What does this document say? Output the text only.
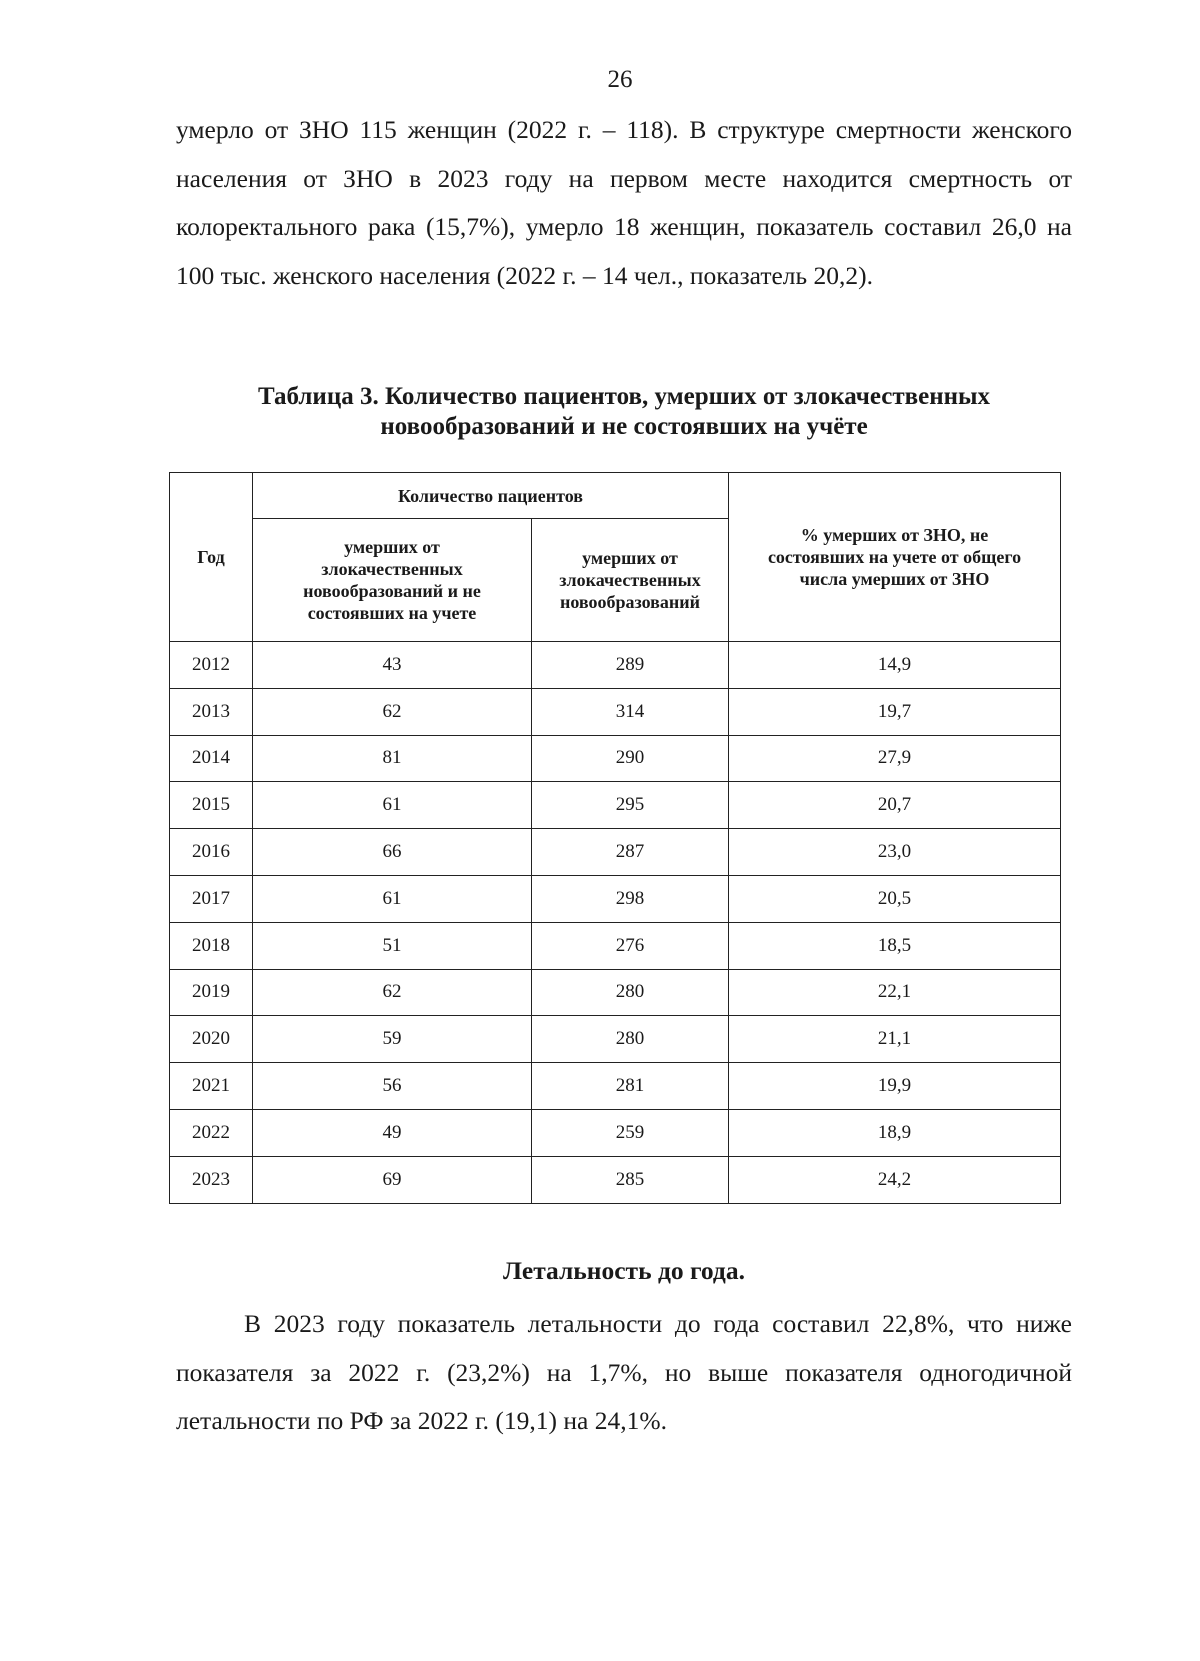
26

умерло от ЗНО 115 женщин (2022 г. – 118). В структуре смертности женского населения от ЗНО в 2023 году на первом месте находится смертность от колоректального рака (15,7%), умерло 18 женщин, показатель составил 26,0 на 100 тыс. женского населения (2022 г. – 14 чел., показатель 20,2).

Таблица 3. Количество пациентов, умерших от злокачественных новообразований и не состоявших на учёте

Год	Количество пациентов		% умерших от ЗНО, не состоявших на учете от общего числа умерших от ЗНО
	умерших от злокачественных новообразований и не состоявших на учете	умерших от злокачественных новообразований	
2012	43	289	14,9
2013	62	314	19,7
2014	81	290	27,9
2015	61	295	20,7
2016	66	287	23,0
2017	61	298	20,5
2018	51	276	18,5
2019	62	280	22,1
2020	59	280	21,1
2021	56	281	19,9
2022	49	259	18,9
2023	69	285	24,2

Летальность до года.

В 2023 году показатель летальности до года составил 22,8%, что ниже показателя за 2022 г. (23,2%) на 1,7%, но выше показателя одногодичной летальности по РФ за 2022 г. (19,1) на 24,1%.
